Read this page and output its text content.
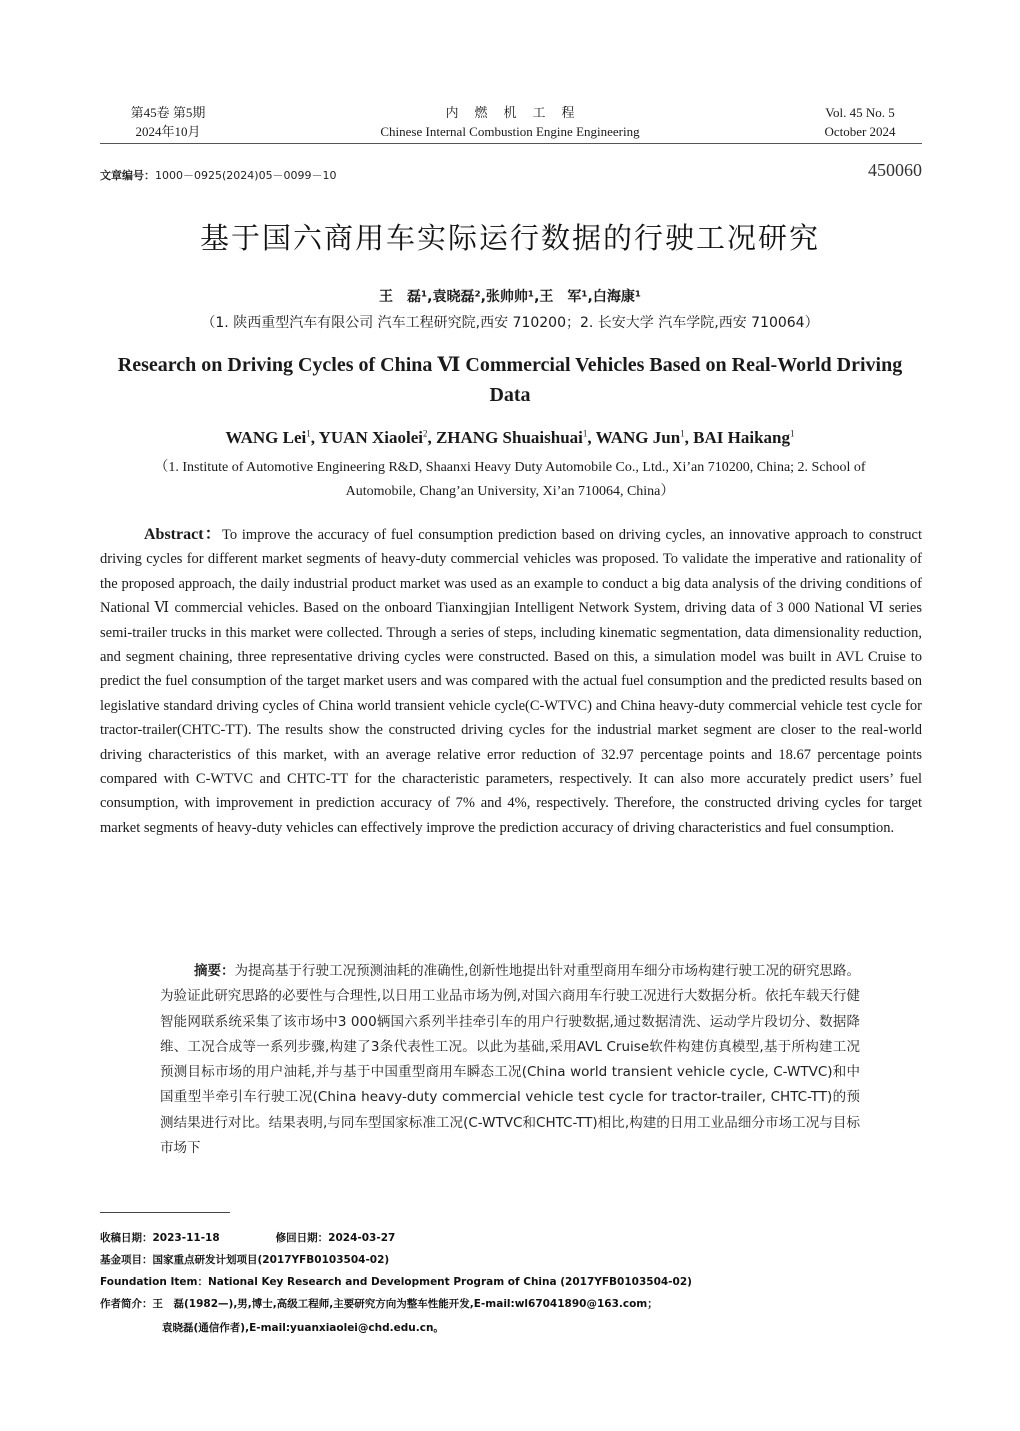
第45卷 第5期
2024年10月
内燃机工程
Chinese Internal Combustion Engine Engineering
Vol. 45 No. 5
October 2024
文章编号：1000－0925(2024)05－0099－10	450060
基于国六商用车实际运行数据的行驶工况研究
王　磊¹,袁晓磊²,张帅帅¹,王　军¹,白海康¹
（1. 陕西重型汽车有限公司 汽车工程研究院,西安 710200；2. 长安大学 汽车学院,西安 710064）
Research on Driving Cycles of China Ⅵ Commercial Vehicles Based on Real-World Driving Data
WANG Lei$^1$, YUAN Xiaolei$^2$, ZHANG Shuaishuai$^1$, WANG Jun$^1$, BAI Haikang$^1$
（1. Institute of Automotive Engineering R&D, Shaanxi Heavy Duty Automobile Co., Ltd., Xi’an 710200, China; 2. School of Automobile, Chang’an University, Xi’an 710064, China）
Abstract：To improve the accuracy of fuel consumption prediction based on driving cycles, an innovative approach to construct driving cycles for different market segments of heavy-duty commercial vehicles was proposed. To validate the imperative and rationality of the proposed approach, the daily industrial product market was used as an example to conduct a big data analysis of the driving conditions of National Ⅵ commercial vehicles. Based on the onboard Tianxingjian Intelligent Network System, driving data of 3 000 National Ⅵ series semi-trailer trucks in this market were collected. Through a series of steps, including kinematic segmentation, data dimensionality reduction, and segment chaining, three representative driving cycles were constructed. Based on this, a simulation model was built in AVL Cruise to predict the fuel consumption of the target market users and was compared with the actual fuel consumption and the predicted results based on legislative standard driving cycles of China world transient vehicle cycle(C-WTVC) and China heavy-duty commercial vehicle test cycle for tractor-trailer(CHTC-TT). The results show the constructed driving cycles for the industrial market segment are closer to the real-world driving characteristics of this market, with an average relative error reduction of 32.97 percentage points and 18.67 percentage points compared with C-WTVC and CHTC-TT for the characteristic parameters, respectively. It can also more accurately predict users’ fuel consumption, with improvement in prediction accuracy of 7% and 4%, respectively. Therefore, the constructed driving cycles for target market segments of heavy-duty vehicles can effectively improve the prediction accuracy of driving characteristics and fuel consumption.
摘要：为提高基于行驶工况预测油耗的准确性,创新性地提出针对重型商用车细分市场构建行驶工况的研究思路。为验证此研究思路的必要性与合理性,以日用工业品市场为例,对国六商用车行驶工况进行大数据分析。依托车载天行健智能网联系统采集了该市场中3 000辆国六系列半挂牵引车的用户行驶数据,通过数据清洗、运动学片段切分、数据降维、工况合成等一系列步骤,构建了3条代表性工况。以此为基础,采用AVL Cruise软件构建仿真模型,基于所构建工况预测目标市场的用户油耗,并与基于中国重型商用车瞬态工况(China world transient vehicle cycle, C-WTVC)和中国重型半牵引车行驶工况(China heavy-duty commercial vehicle test cycle for tractor-trailer, CHTC-TT)的预测结果进行对比。结果表明,与同车型国家标准工况(C-WTVC和CHTC-TT)相比,构建的日用工业品细分市场工况与目标市场下
收稿日期：2023-11-18	修回日期：2024-03-27
基金项目：国家重点研发计划项目(2017YFB0103504-02)
Foundation Item：National Key Research and Development Program of China (2017YFB0103504-02)
作者简介：王　磊(1982—),男,博士,高级工程师,主要研究方向为整车性能开发,E-mail:wl67041890@163.com；
袁晓磊(通信作者),E-mail:yuanxiaolei@chd.edu.cn。
